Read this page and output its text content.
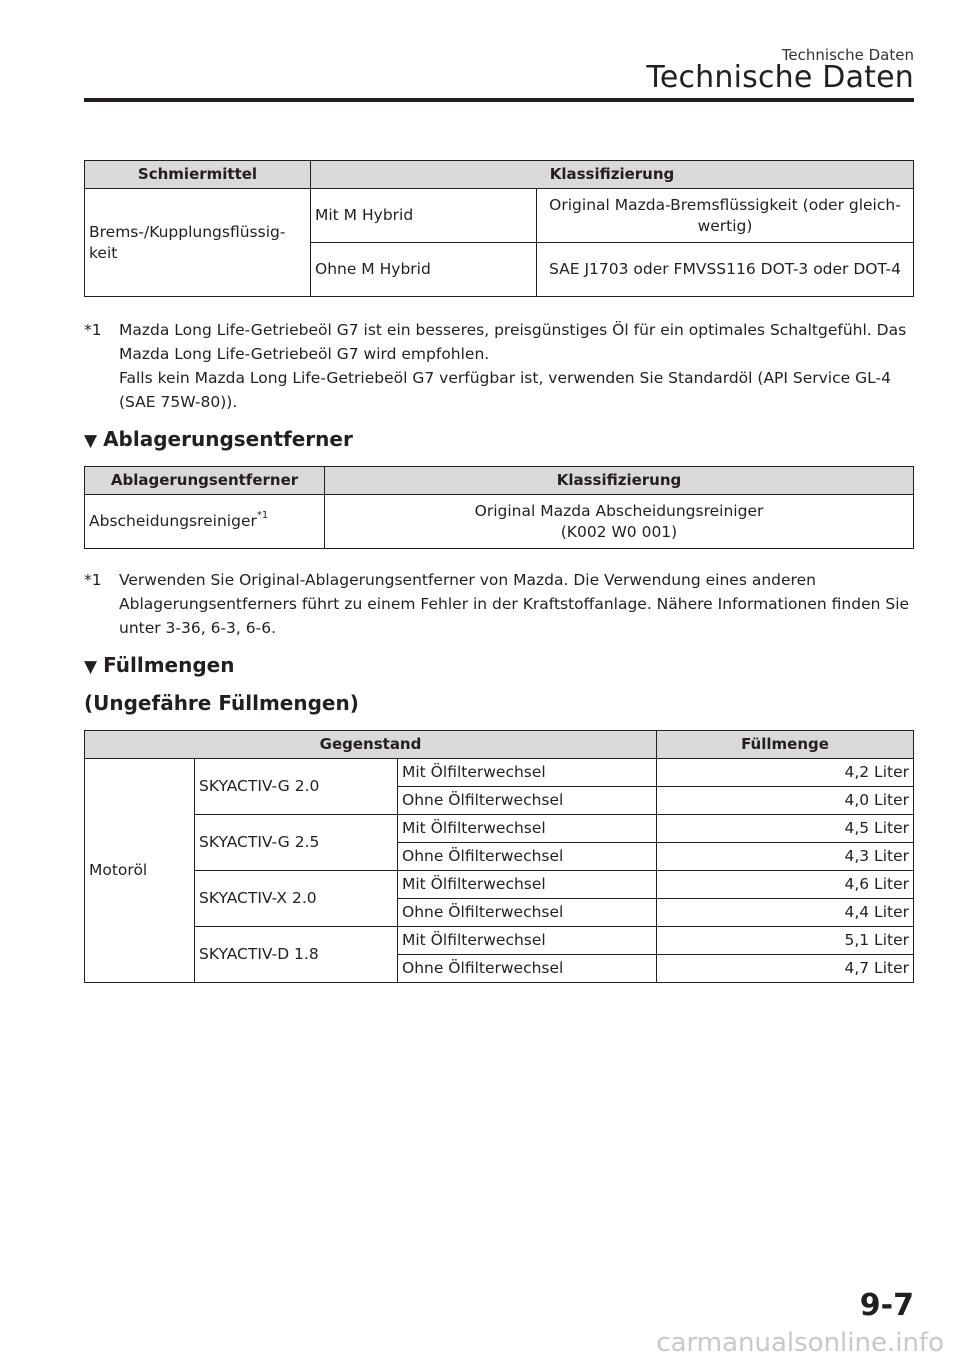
Technische Daten
Technische Daten
Schmiermittel	Klassifizierung	
Brems-/Kupplungsflüssig-keit	Mit M Hybrid	Original Mazda-Bremsflüssigkeit (oder gleich-wertig)
	Ohne M Hybrid	SAE J1703 oder FMVSS116 DOT-3 oder DOT-4
*1 Mazda Long Life-Getriebeöl G7 ist ein besseres, preisgünstiges Öl für ein optimales Schaltgefühl. Das Mazda Long Life-Getriebeöl G7 wird empfohlen.
Falls kein Mazda Long Life-Getriebeöl G7 verfügbar ist, verwenden Sie Standardöl (API Service GL-4 (SAE 75W-80)).
▼ Ablagerungsentferner
Ablagerungsentferner	Klassifizierung
Abscheidungsreiniger$^{*1}$	Original Mazda Abscheidungsreiniger
(K002 W0 001)
*1 Verwenden Sie Original-Ablagerungsentferner von Mazda. Die Verwendung eines anderen Ablagerungsentferners führt zu einem Fehler in der Kraftstoffanlage. Nähere Informationen finden Sie unter 3-36, 6-3, 6-6.
▼ Füllmengen
(Ungefähre Füllmengen)
Gegenstand			Füllmenge
Motoröl	SKYACTIV-G 2.0	Mit Ölfilterwechsel	4,2 Liter
		Ohne Ölfilterwechsel	4,0 Liter
	SKYACTIV-G 2.5	Mit Ölfilterwechsel	4,5 Liter
		Ohne Ölfilterwechsel	4,3 Liter
	SKYACTIV-X 2.0	Mit Ölfilterwechsel	4,6 Liter
		Ohne Ölfilterwechsel	4,4 Liter
	SKYACTIV-D 1.8	Mit Ölfilterwechsel	5,1 Liter
		Ohne Ölfilterwechsel	4,7 Liter
9-7
carmanualsonline.info
